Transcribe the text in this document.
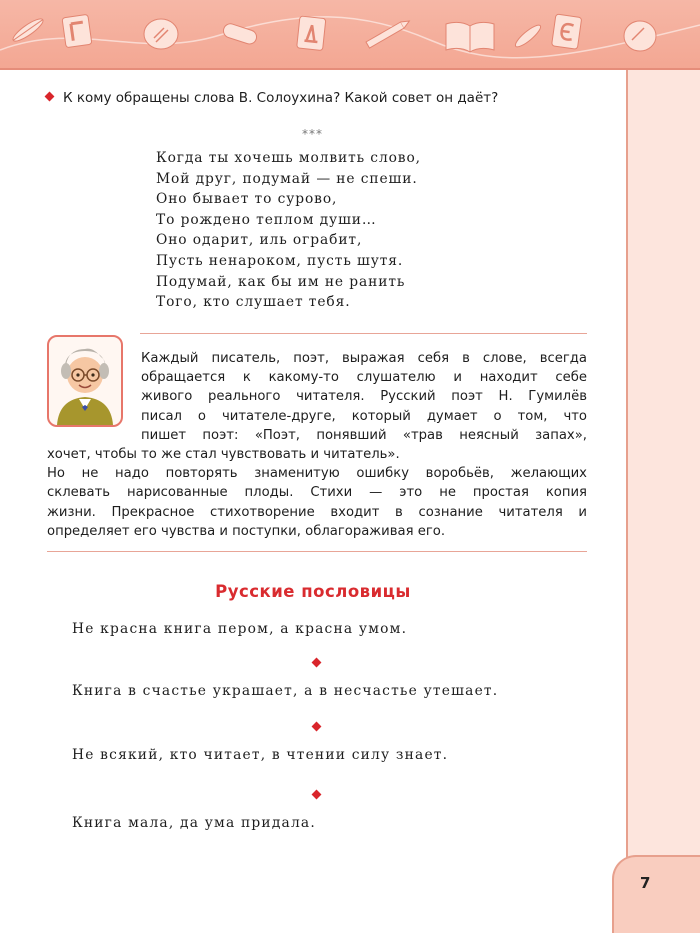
7
К кому обращены слова В. Солоухина? Какой совет он даёт?
***
Когда ты хочешь молвить слово,
Мой друг, подумай — не спеши.
Оно бывает то сурово,
То рождено теплом души…
Оно одарит, иль ограбит,
Пусть ненароком, пусть шутя.
Подумай, как бы им не ранить
Того, кто слушает тебя.
Каждый писатель, поэт, выражая себя в слове, всегда
обращается к какому-то слушателю и находит себе
живого реального читателя. Русский поэт Н. Гумилёв
писал о читателе-друге, который думает о том, что
пишет поэт: «Поэт, понявший «трав неясный запах»,
хочет, чтобы то же стал чувствовать и читатель».
Но не надо повторять знаменитую ошибку воробьёв, желающих
склевать нарисованные плоды. Стихи — это не простая копия
жизни. Прекрасное стихотворение входит в сознание читателя и
определяет его чувства и поступки, облагораживая его.
Русские пословицы
Не красна книга пером, а красна умом.
Книга в счастье украшает, а в несчастье утешает.
Не всякий, кто читает, в чтении силу знает.
Книга мала, да ума придала.
